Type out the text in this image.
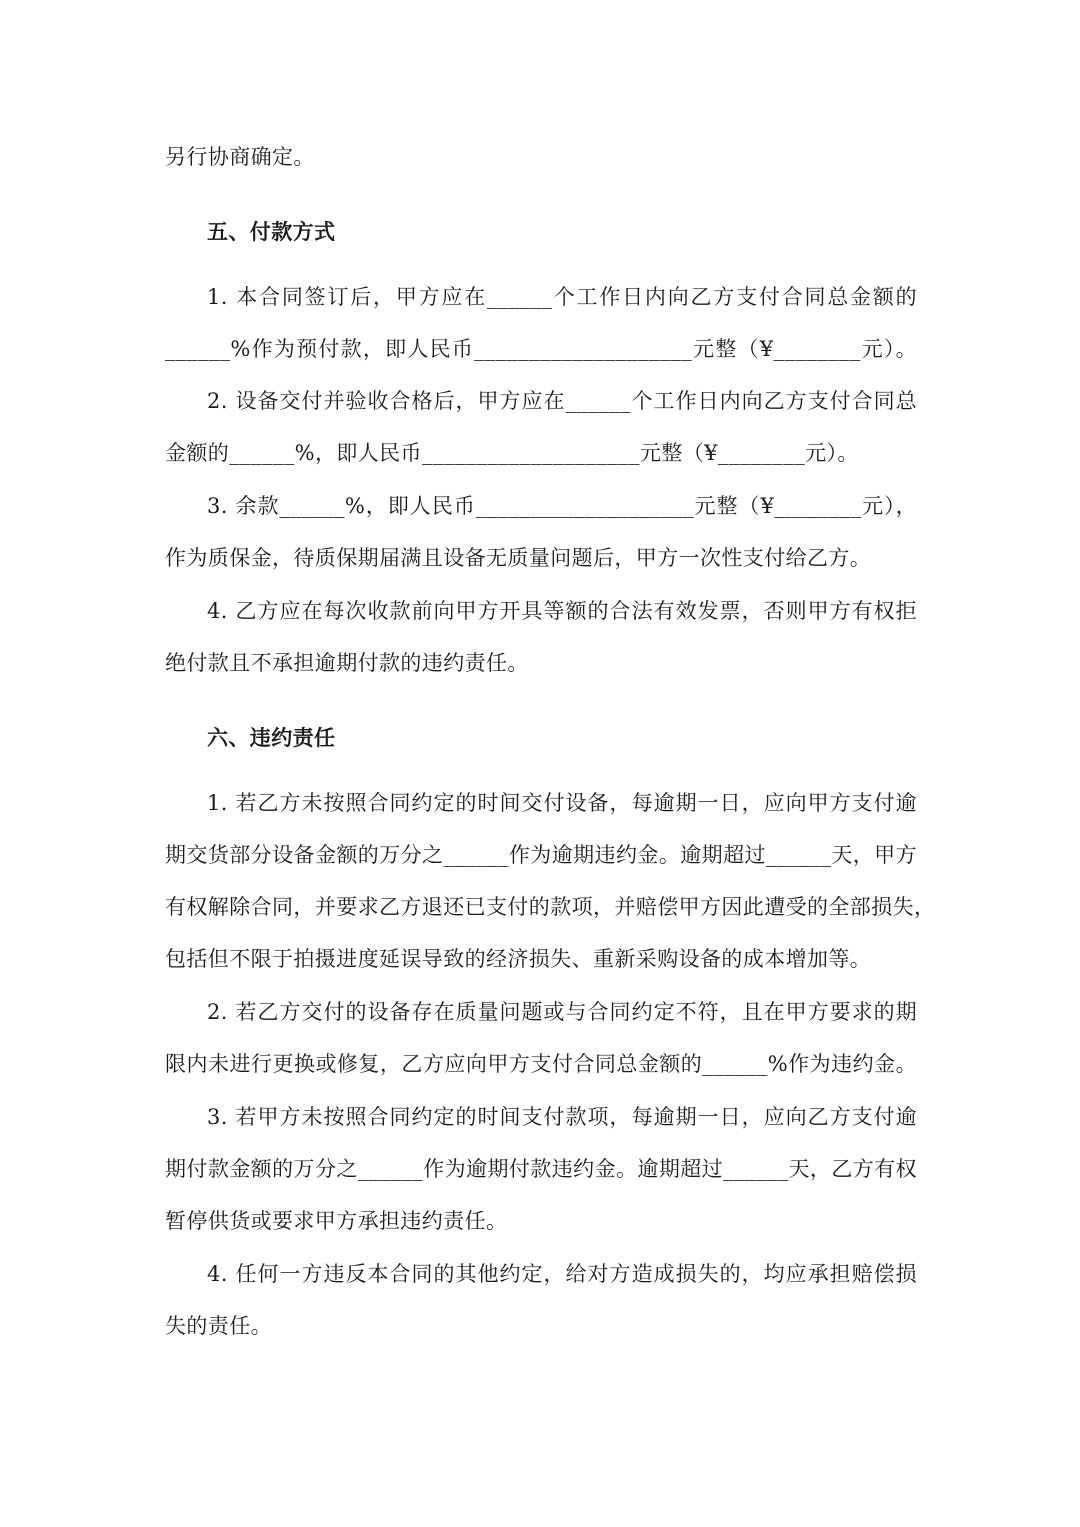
另行协商确定。
五、付款方式
1. 本合同签订后，甲方应在______个工作日内向乙方支付合同总金额的
______%作为预付款，即人民币____________________元整（¥________元）。
2. 设备交付并验收合格后，甲方应在______个工作日内向乙方支付合同总
金额的______%，即人民币____________________元整（¥________元）。
3. 余款______%，即人民币____________________元整（¥________元），
作为质保金，待质保期届满且设备无质量问题后，甲方一次性支付给乙方。
4. 乙方应在每次收款前向甲方开具等额的合法有效发票，否则甲方有权拒
绝付款且不承担逾期付款的违约责任。
六、违约责任
1. 若乙方未按照合同约定的时间交付设备，每逾期一日，应向甲方支付逾
期交货部分设备金额的万分之______作为逾期违约金。逾期超过______天，甲方
有权解除合同，并要求乙方退还已支付的款项，并赔偿甲方因此遭受的全部损失，
包括但不限于拍摄进度延误导致的经济损失、重新采购设备的成本增加等。
2. 若乙方交付的设备存在质量问题或与合同约定不符，且在甲方要求的期
限内未进行更换或修复，乙方应向甲方支付合同总金额的______%作为违约金。
3. 若甲方未按照合同约定的时间支付款项，每逾期一日，应向乙方支付逾
期付款金额的万分之______作为逾期付款违约金。逾期超过______天，乙方有权
暂停供货或要求甲方承担违约责任。
4. 任何一方违反本合同的其他约定，给对方造成损失的，均应承担赔偿损
失的责任。
